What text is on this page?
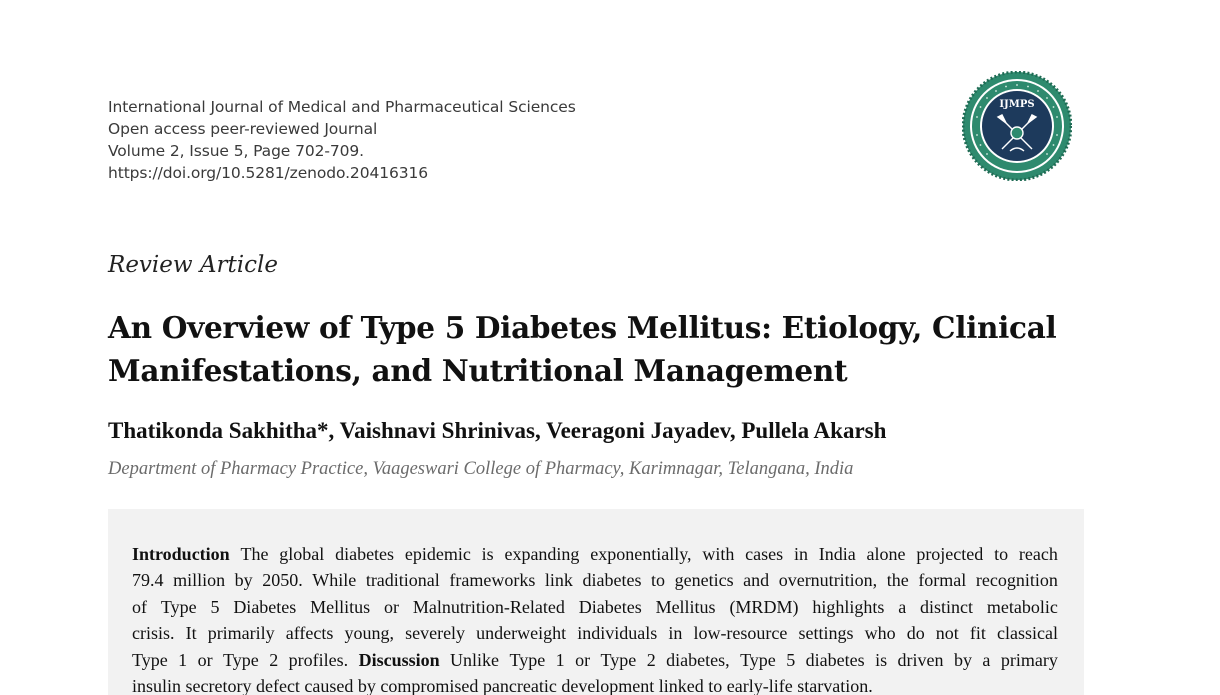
International Journal of Medical and Pharmaceutical Sciences
Open access peer-reviewed Journal
Volume 2, Issue 5, Page 702-709.
https://doi.org/10.5281/zenodo.20416316
IJMPS
Review Article
An Overview of Type 5 Diabetes Mellitus: Etiology, Clinical
Manifestations, and Nutritional Management
Thatikonda Sakhitha*, Vaishnavi Shrinivas, Veeragoni Jayadev, Pullela Akarsh
Department of Pharmacy Practice, Vaageswari College of Pharmacy, Karimnagar, Telangana, India
Introduction The global diabetes epidemic is expanding exponentially, with cases in India alone projected to reach
79.4 million by 2050. While traditional frameworks link diabetes to genetics and overnutrition, the formal recognition
of Type 5 Diabetes Mellitus or Malnutrition-Related Diabetes Mellitus (MRDM) highlights a distinct metabolic
crisis. It primarily affects young, severely underweight individuals in low-resource settings who do not fit classical
Type 1 or Type 2 profiles. Discussion Unlike Type 1 or Type 2 diabetes, Type 5 diabetes is driven by a primary
insulin secretory defect caused by compromised pancreatic development linked to early-life starvation.
